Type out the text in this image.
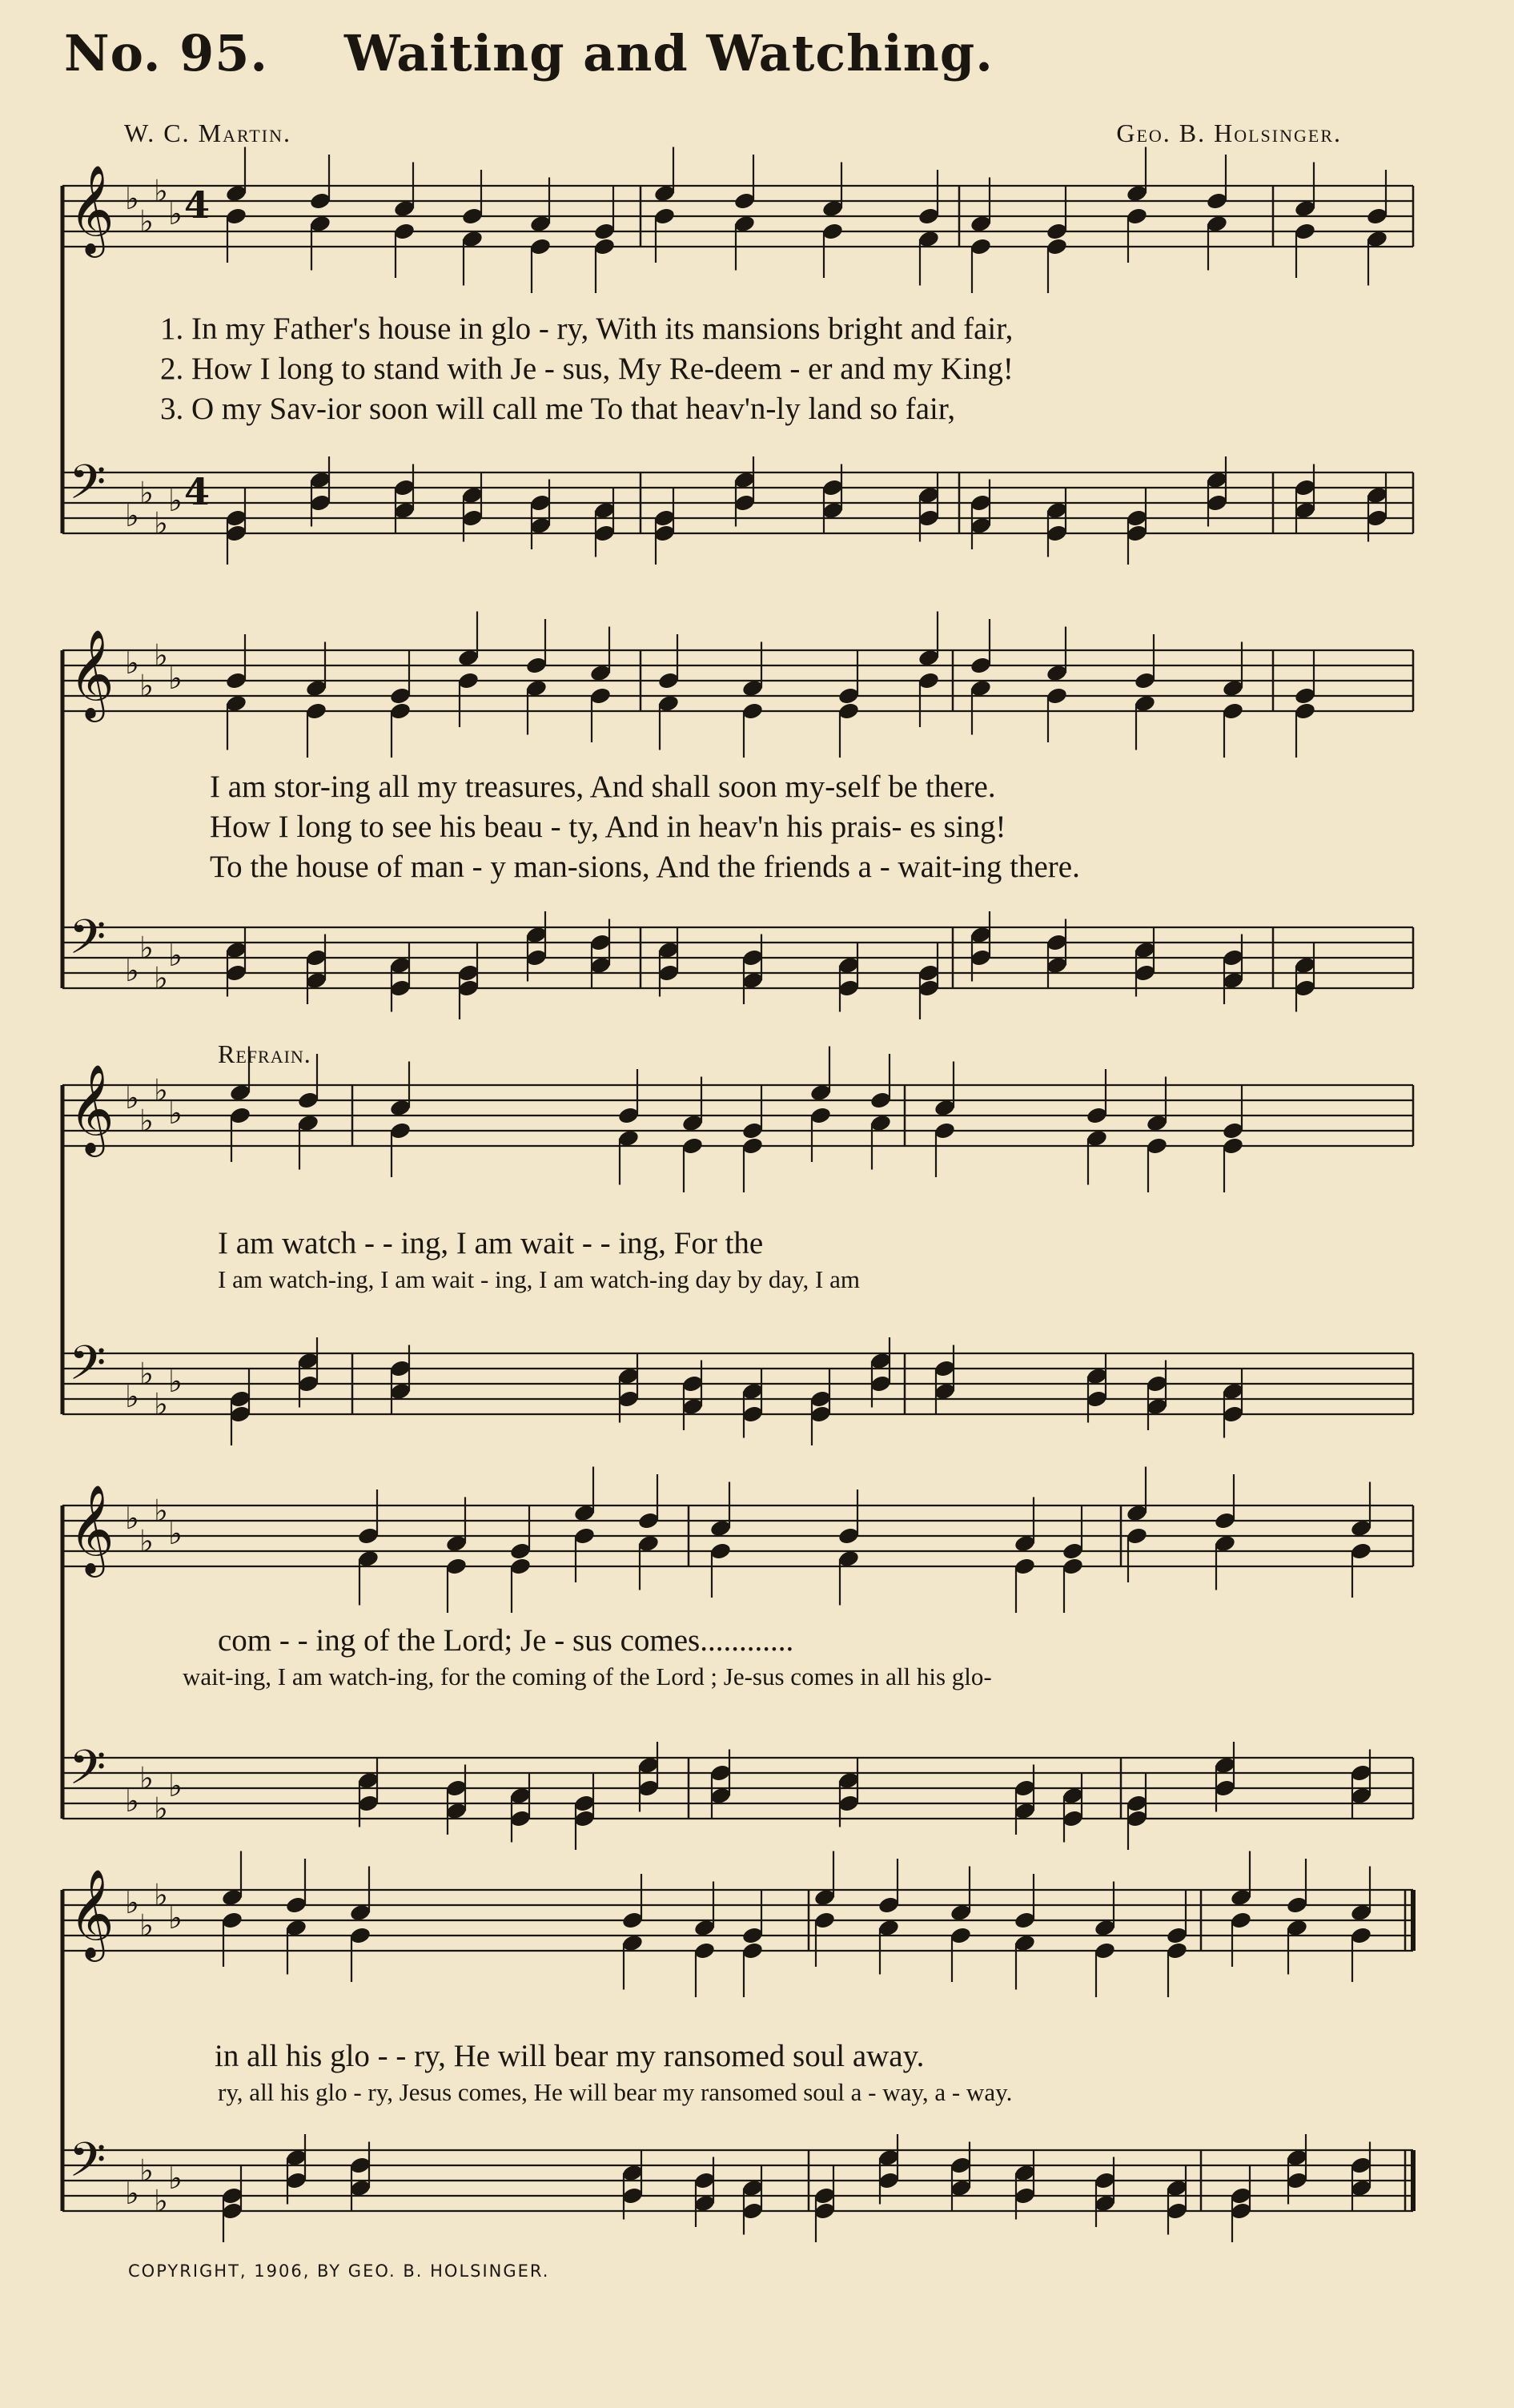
No. 95. Waiting and Watching.
W. C. Martin.	Geo. B. Holsinger.
𝄞 ♭
♭
♭
♭
𝄢 ♭
♭
♭
♭
4
4
𝄞 ♭
♭
♭
♭
𝄢 ♭
♭
♭
♭
𝄞 ♭
♭
♭
♭
𝄢 ♭
♭
♭
♭
𝄞 ♭
♭
♭
♭
𝄢 ♭
♭
♭
♭
𝄞 ♭
♭
♭
♭
𝄢 ♭
♭
♭
♭
1. In my Father's house in glo - ry, With its mansions bright and fair,
2. How I long to stand with Je - sus, My Re-deem - er and my King!
3. O my Sav-ior soon will call me To that heav'n-ly land so fair,
I am stor-ing all my treasures, And shall soon my-self be there.
How I long to see his beau - ty, And in heav'n his prais- es sing!
To the house of man - y man-sions, And the friends a - wait-ing there.
Refrain.
I am watch - - ing, I am wait - - ing, For the
I am watch-ing, I am wait - ing, I am watch-ing day by day, I am
com - - ing of the Lord; Je - sus comes............
wait-ing, I am watch-ing, for the coming of the Lord ; Je-sus comes in all his glo-
in all his glo - - ry, He will bear my ransomed soul away.
ry, all his glo - ry, Jesus comes, He will bear my ransomed soul a - way, a - way.
COPYRIGHT, 1906, BY GEO. B. HOLSINGER.
